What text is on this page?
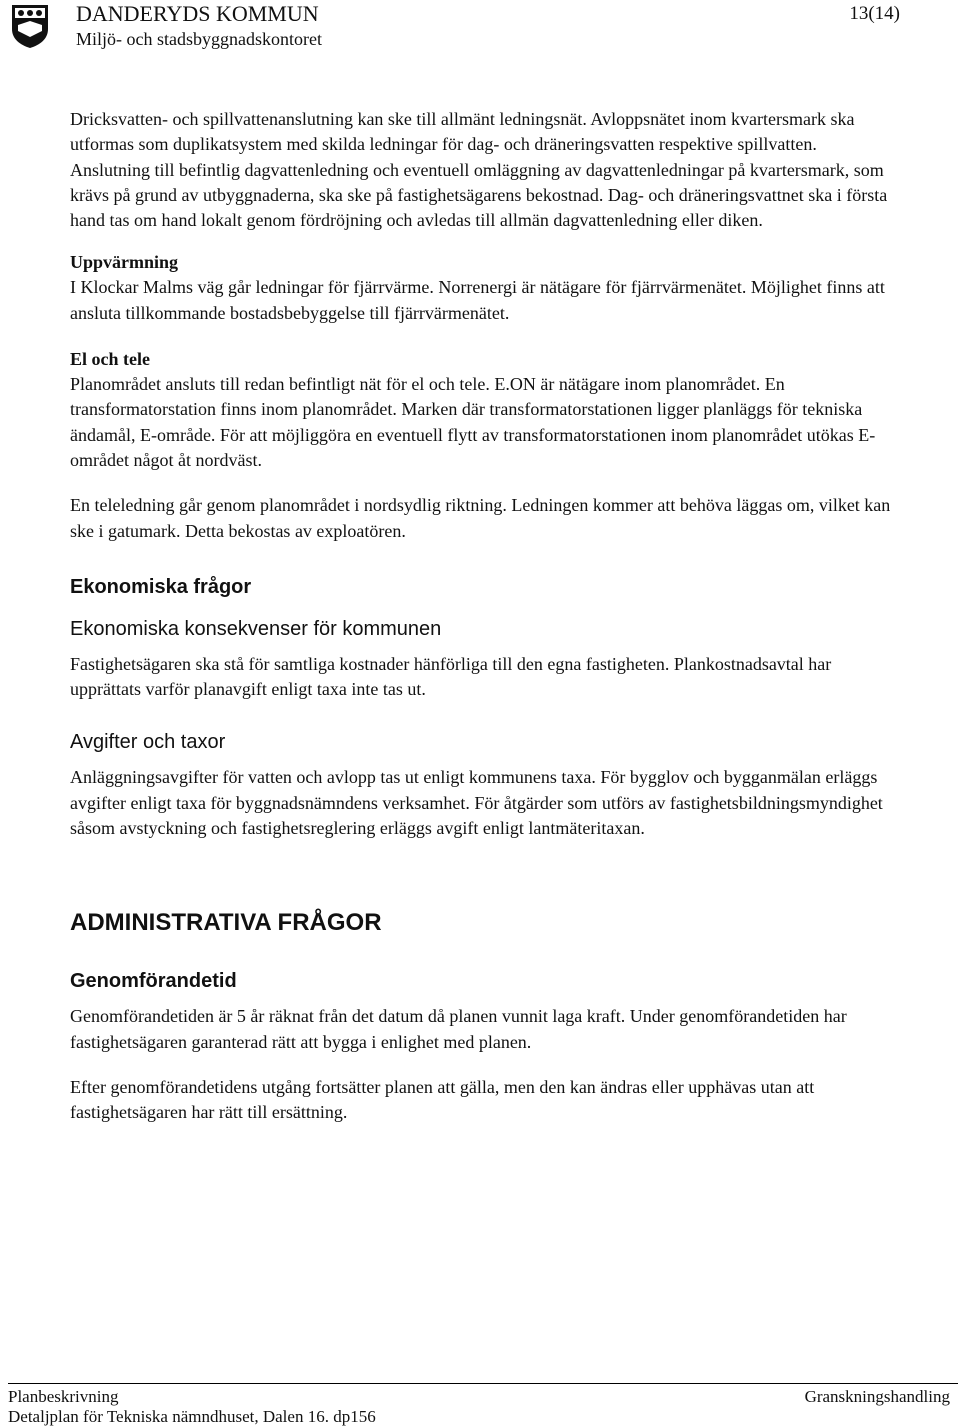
DANDERYDS KOMMUN
Miljö- och stadsbyggnadskontoret
13(14)

Dricksvatten- och spillvattenanslutning kan ske till allmänt ledningsnät. Avloppsnätet inom kvartersmark ska utformas som duplikatsystem med skilda ledningar för dag- och dräneringsvatten respektive spillvatten. Anslutning till befintlig dagvattenledning och eventuell omläggning av dagvattenledningar på kvartersmark, som krävs på grund av utbyggnaderna, ska ske på fastighetsägarens bekostnad. Dag- och dräneringsvattnet ska i första hand tas om hand lokalt genom fördröjning och avledas till allmän dagvattenledning eller diken.

Uppvärmning

I Klockar Malms väg går ledningar för fjärrvärme. Norrenergi är nätägare för fjärrvärmenätet. Möjlighet finns att ansluta tillkommande bostadsbebyggelse till fjärrvärmenätet.

El och tele

Planområdet ansluts till redan befintligt nät för el och tele. E.ON är nätägare inom planområdet. En transformatorstation finns inom planområdet. Marken där transformatorstationen ligger planläggs för tekniska ändamål, E-område. För att möjliggöra en eventuell flytt av transformatorstationen inom planområdet utökas E-området något åt nordväst.

En teleledning går genom planområdet i nordsydlig riktning. Ledningen kommer att behöva läggas om, vilket kan ske i gatumark. Detta bekostas av exploatören.

Ekonomiska frågor
Ekonomiska konsekvenser för kommunen

Fastighetsägaren ska stå för samtliga kostnader hänförliga till den egna fastigheten. Plankostnadsavtal har upprättats varför planavgift enligt taxa inte tas ut.

Avgifter och taxor

Anläggningsavgifter för vatten och avlopp tas ut enligt kommunens taxa. För bygglov och bygganmälan erläggs avgifter enligt taxa för byggnadsnämndens verksamhet. För åtgärder som utförs av fastighetsbildningsmyndighet såsom avstyckning och fastighetsreglering erläggs avgift enligt lantmäteritaxan.

ADMINISTRATIVA FRÅGOR
Genomförandetid

Genomförandetiden är 5 år räknat från det datum då planen vunnit laga kraft. Under genomförandetiden har fastighetsägaren garanterad rätt att bygga i enlighet med planen.

Efter genomförandetidens utgång fortsätter planen att gälla, men den kan ändras eller upphävas utan att fastighetsägaren har rätt till ersättning.

Planbeskrivning
Detaljplan för Tekniska nämndhuset, Dalen 16. dp156
Granskningshandling
